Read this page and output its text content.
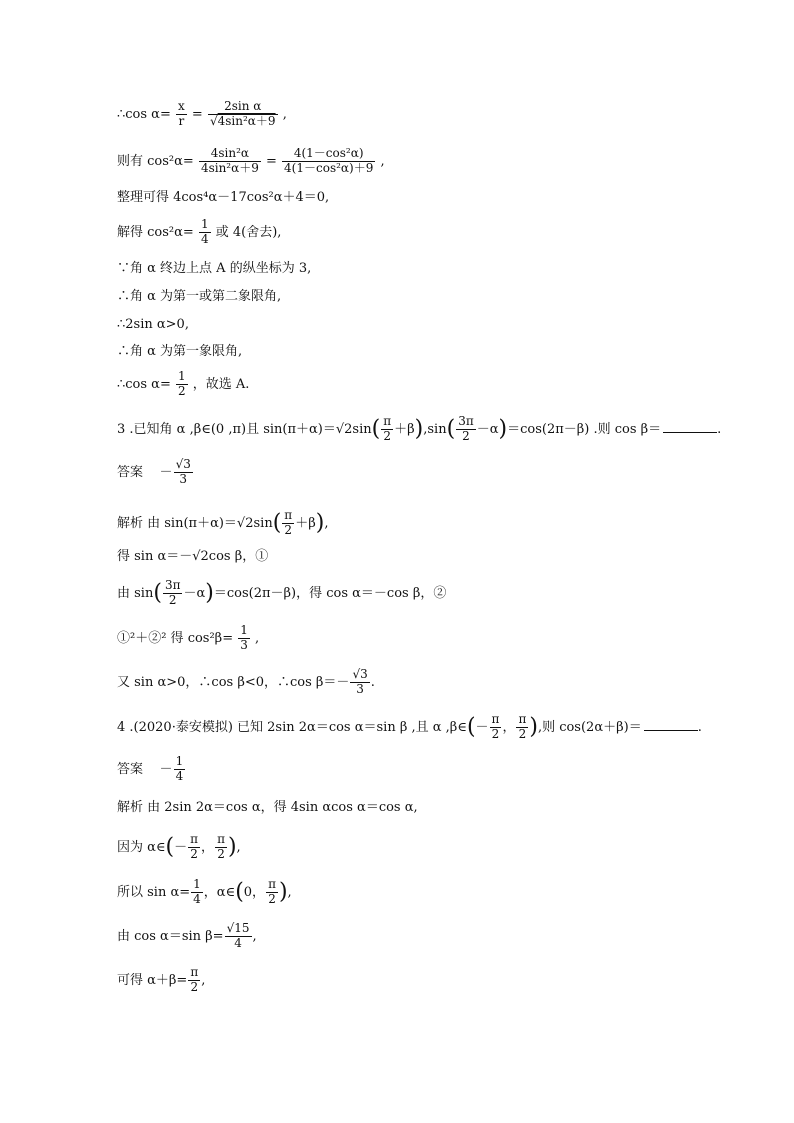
∴cos $\alpha= \frac{x}{r} = \frac{\text{2sin α}}{\text{√4sin²α＋9}}$ ,
则有 $\cos^2\alpha= \frac{\text{4sin²α}}{\text{4sin²α＋9}} = \frac{\text{4(1－cos²α)}}{\text{4(1－cos²α)＋9}}$ ,
整理可得 4cos⁴α－17cos²α＋4＝0,
解得 $\cos^2\alpha= \frac{1}{4}$ 或 4(舍去),
∵角 α 终边上点 A 的纵坐标为 3,
∴角 α 为第一或第二象限角,
∴2sin α>0,
∴角 α 为第一象限角,
∴cos $\alpha= \frac{1}{2}$ ，故选 A.
3 .已知角 α ,β∈(0 ,π)且 $\sin(\pi+\alpha)=√2\sin( \frac{\pi}{2} +\beta),\sin( \frac{3\pi}{2} -\alpha)=\cos(2\pi-\beta)$ .则 cos β＝	.
答案 － $\frac{√3}{3}$
解析 由 $\sin(\pi+\alpha)=√2\sin( \frac{\pi}{2} +\beta)$,
得 sin α＝－√2cos β，①
由 $\sin( \frac{3\pi}{2} -\alpha)=\cos(2\pi-\beta)$，得 cos α＝－cos β，②
①²＋②² 得 $\cos^2\beta= \frac{1}{3}$ ,
又 sin α>0，∴cos β<0，∴cos $\beta=- \frac{√3}{3}$ .
4 .(2020·泰安模拟) 已知 2sin 2α＝cos α＝sin β ,且 α ,β∈(－ $\frac{\pi}{2}$ ， $\frac{\pi}{2}$ ),则 cos(2α＋β)＝	.
答案 － $\frac{1}{4}$
解析 由 2sin 2α＝cos α，得 4sin αcos α＝cos α,
因为 α∈(－ $\frac{\pi}{2}$ ， $\frac{\pi}{2}$ ),
所以 $\sin \alpha= \frac{1}{4}$ ，α∈(0， $\frac{\pi}{2}$ ),
由 cos α＝sin $\beta= \frac{√15}{4}$ ,
可得 $\alpha+\beta= \frac{\pi}{2}$ ,
